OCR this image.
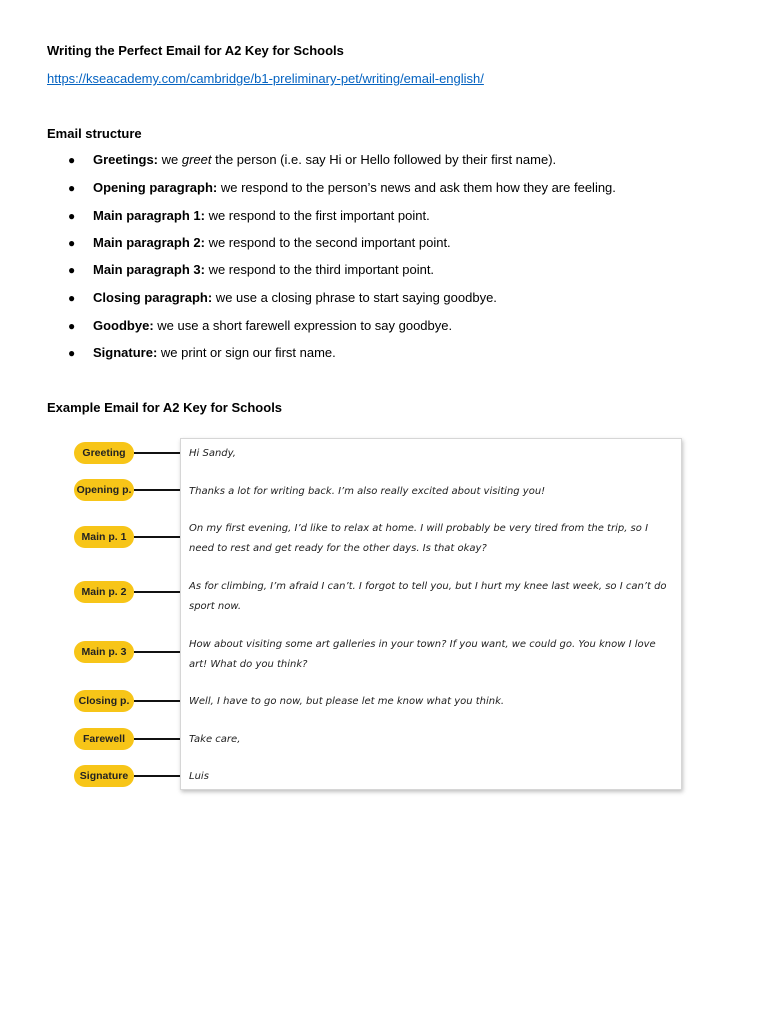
Writing the Perfect Email for A2 Key for Schools
https://kseacademy.com/cambridge/b1-preliminary-pet/writing/email-english/
Email structure
● Greetings: we greet the person (i.e. say Hi or Hello followed by their first name).
● Opening paragraph: we respond to the person’s news and ask them how they are feeling.
● Main paragraph 1: we respond to the first important point.
● Main paragraph 2: we respond to the second important point.
● Main paragraph 3: we respond to the third important point.
● Closing paragraph: we use a closing phrase to start saying goodbye.
● Goodbye: we use a short farewell expression to say goodbye.
● Signature: we print or sign our first name.
Example Email for A2 Key for Schools
Greeting
Opening p.
Main p. 1
Main p. 2
Main p. 3
Closing p.
Farewell
Signature
Hi Sandy,
Thanks a lot for writing back. I’m also really excited about visiting you!
On my first evening, I’d like to relax at home. I will probably be very tired from the trip, so I need to rest and get ready for the other days. Is that okay?
As for climbing, I’m afraid I can’t. I forgot to tell you, but I hurt my knee last week, so I can’t do sport now.
How about visiting some art galleries in your town? If you want, we could go. You know I love art! What do you think?
Well, I have to go now, but please let me know what you think.
Take care,
Luis
